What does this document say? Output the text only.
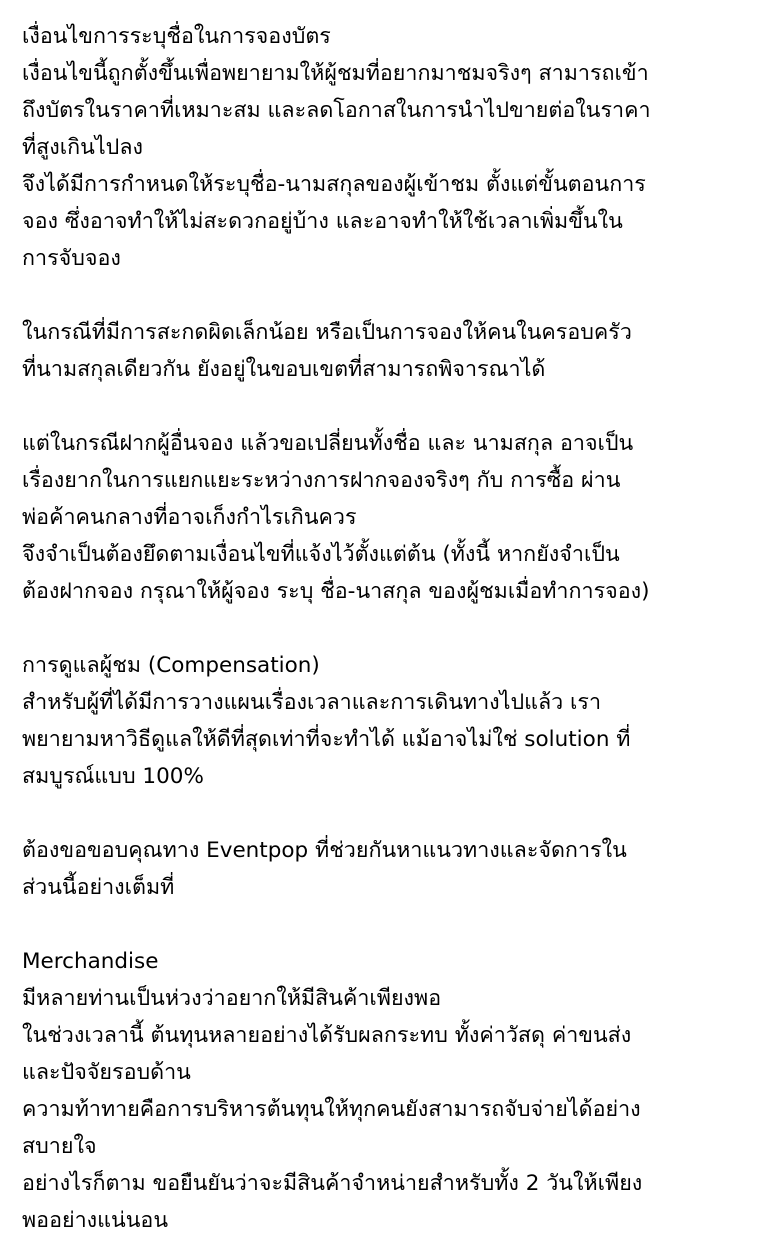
เงื่อนไขการระบุชื่อในการจองบัตร
เงื่อนไขนี้ถูกตั้งขึ้นเพื่อพยายามให้ผู้ชมที่อยากมาชมจริงๆ สามารถเข้า
ถึงบัตรในราคาที่เหมาะสม และลดโอกาสในการนำไปขายต่อในราคา
ที่สูงเกินไปลง
จึงได้มีการกำหนดให้ระบุชื่อ-นามสกุลของผู้เข้าชม ตั้งแต่ขั้นตอนการ
จอง ซึ่งอาจทำให้ไม่สะดวกอยู่บ้าง และอาจทำให้ใช้เวลาเพิ่มขึ้นใน
การจับจอง
ในกรณีที่มีการสะกดผิดเล็กน้อย หรือเป็นการจองให้คนในครอบครัว
ที่นามสกุลเดียวกัน ยังอยู่ในขอบเขตที่สามารถพิจารณาได้
แต่ในกรณีฝากผู้อื่นจอง แล้วขอเปลี่ยนทั้งชื่อ และ นามสกุล อาจเป็น
เรื่องยากในการแยกแยะระหว่างการฝากจองจริงๆ กับ การซื้อ ผ่าน
พ่อค้าคนกลางที่อาจเก็งกำไรเกินควร
จึงจำเป็นต้องยึดตามเงื่อนไขที่แจ้งไว้ตั้งแต่ต้น (ทั้งนี้ หากยังจำเป็น
ต้องฝากจอง กรุณาให้ผู้จอง ระบุ ชื่อ-นาสกุล ของผู้ชมเมื่อทำการจอง)
การดูแลผู้ชม (Compensation)
สำหรับผู้ที่ได้มีการวางแผนเรื่องเวลาและการเดินทางไปแล้ว เรา
พยายามหาวิธีดูแลให้ดีที่สุดเท่าที่จะทำได้ แม้อาจไม่ใช่ solution ที่
สมบูรณ์แบบ 100%
ต้องขอขอบคุณทาง Eventpop ที่ช่วยกันหาแนวทางและจัดการใน
ส่วนนี้อย่างเต็มที่
Merchandise
มีหลายท่านเป็นห่วงว่าอยากให้มีสินค้าเพียงพอ
ในช่วงเวลานี้ ต้นทุนหลายอย่างได้รับผลกระทบ ทั้งค่าวัสดุ ค่าขนส่ง
และปัจจัยรอบด้าน
ความท้าทายคือการบริหารต้นทุนให้ทุกคนยังสามารถจับจ่ายได้อย่าง
สบายใจ
อย่างไรก็ตาม ขอยืนยันว่าจะมีสินค้าจำหน่ายสำหรับทั้ง 2 วันให้เพียง
พออย่างแน่นอน
